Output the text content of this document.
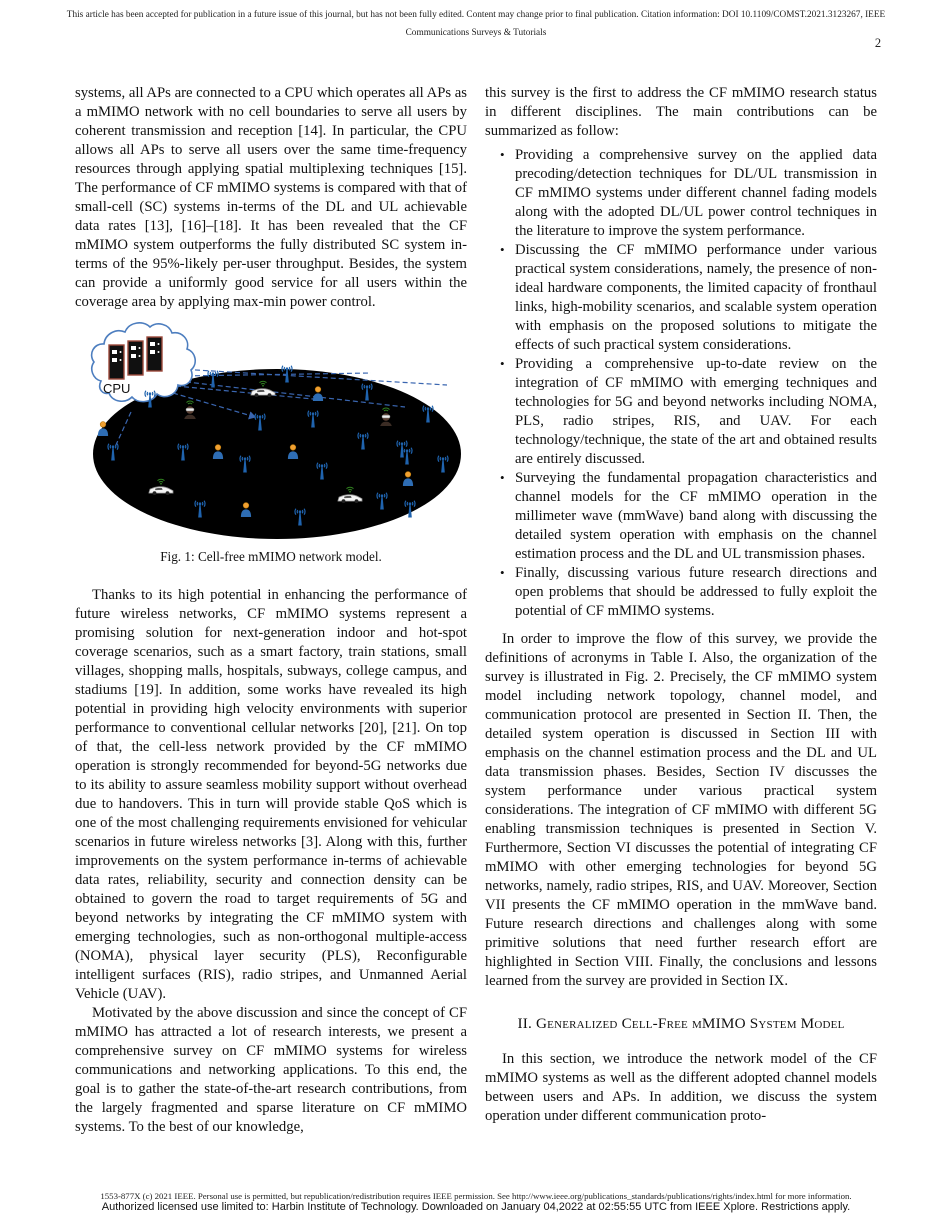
This article has been accepted for publication in a future issue of this journal, but has not been fully edited. Content may change prior to final publication. Citation information: DOI 10.1109/COMST.2021.3123267, IEEE
Communications Surveys & Tutorials
2

systems, all APs are connected to a CPU which operates all APs as a mMIMO network with no cell boundaries to serve all users by coherent transmission and reception [14]. In particular, the CPU allows all APs to serve all users over the same time-frequency resources through applying spatial multiplexing techniques [15]. The performance of CF mMIMO systems is compared with that of small-cell (SC) systems in-terms of the DL and UL achievable data rates [13], [16]–[18]. It has been revealed that the CF mMIMO system outperforms the fully distributed SC system in-terms of the 95%-likely per-user throughput. Besides, the system can provide a uniformly good service for all users within the coverage area by applying max-min power control.

CPU
Fig. 1: Cell-free mMIMO network model.

Thanks to its high potential in enhancing the performance of future wireless networks, CF mMIMO systems represent a promising solution for next-generation indoor and hot-spot coverage scenarios, such as a smart factory, train stations, small villages, shopping malls, hospitals, subways, college campus, and stadiums [19]. In addition, some works have revealed its high potential in providing high velocity environments with superior performance to conventional cellular networks [20], [21]. On top of that, the cell-less network provided by the CF mMIMO operation is strongly recommended for beyond-5G networks due to its ability to assure seamless mobility support without overhead due to handovers. This in turn will provide stable QoS which is one of the most challenging requirements envisioned for vehicular scenarios in future wireless networks [3]. Along with this, further improvements on the system performance in-terms of achievable data rates, reliability, security and connection density can be obtained to govern the road to target requirements of 5G and beyond networks by integrating the CF mMIMO system with emerging technologies, such as non-orthogonal multiple-access (NOMA), physical layer security (PLS), Reconfigurable intelligent surfaces (RIS), radio stripes, and Unmanned Aerial Vehicle (UAV).

Motivated by the above discussion and since the concept of CF mMIMO has attracted a lot of research interests, we present a comprehensive survey on CF mMIMO systems for wireless communications and networking applications. To this end, the goal is to gather the state-of-the-art research contributions, from the largely fragmented and sparse literature on CF mMIMO systems. To the best of our knowledge,

this survey is the first to address the CF mMIMO research status in different disciplines. The main contributions can be summarized as follow:

• Providing a comprehensive survey on the applied data precoding/detection techniques for DL/UL transmission in CF mMIMO systems under different channel fading models along with the adopted DL/UL power control techniques in the literature to improve the system performance.
• Discussing the CF mMIMO performance under various practical system considerations, namely, the presence of non-ideal hardware components, the limited capacity of fronthaul links, high-mobility scenarios, and scalable system operation with emphasis on the proposed solutions to mitigate the effects of such practical system considerations.
• Providing a comprehensive up-to-date review on the integration of CF mMIMO with emerging techniques and technologies for 5G and beyond networks including NOMA, PLS, radio stripes, RIS, and UAV. For each technology/technique, the state of the art and obtained results are entirely discussed.
• Surveying the fundamental propagation characteristics and channel models for the CF mMIMO operation in the millimeter wave (mmWave) band along with discussing the detailed system operation with emphasis on the channel estimation process and the DL and UL transmission phases.
• Finally, discussing various future research directions and open problems that should be addressed to fully exploit the potential of CF mMIMO systems.

In order to improve the flow of this survey, we provide the definitions of acronyms in Table I. Also, the organization of the survey is illustrated in Fig. 2. Precisely, the CF mMIMO system model including network topology, channel model, and communication protocol are presented in Section II. Then, the detailed system operation is discussed in Section III with emphasis on the channel estimation process and the DL and UL data transmission phases. Besides, Section IV discusses the system performance under various practical system considerations. The integration of CF mMIMO with different 5G enabling transmission techniques is presented in Section V. Furthermore, Section VI discusses the potential of integrating CF mMIMO with other emerging technologies for beyond 5G networks, namely, radio stripes, RIS, and UAV. Moreover, Section VII presents the CF mMIMO operation in the mmWave band. Future research directions and challenges along with some primitive solutions that need further research effort are highlighted in Section VIII. Finally, the conclusions and lessons learned from the survey are provided in Section IX.

II. Generalized Cell-Free mMIMO System Model

In this section, we introduce the network model of the CF mMIMO systems as well as the different adopted channel models between users and APs. In addition, we discuss the system operation under different communication proto-

1553-877X (c) 2021 IEEE. Personal use is permitted, but republication/redistribution requires IEEE permission. See http://www.ieee.org/publications_standards/publications/rights/index.html for more information.
Authorized licensed use limited to: Harbin Institute of Technology. Downloaded on January 04,2022 at 02:55:55 UTC from IEEE Xplore. Restrictions apply.
